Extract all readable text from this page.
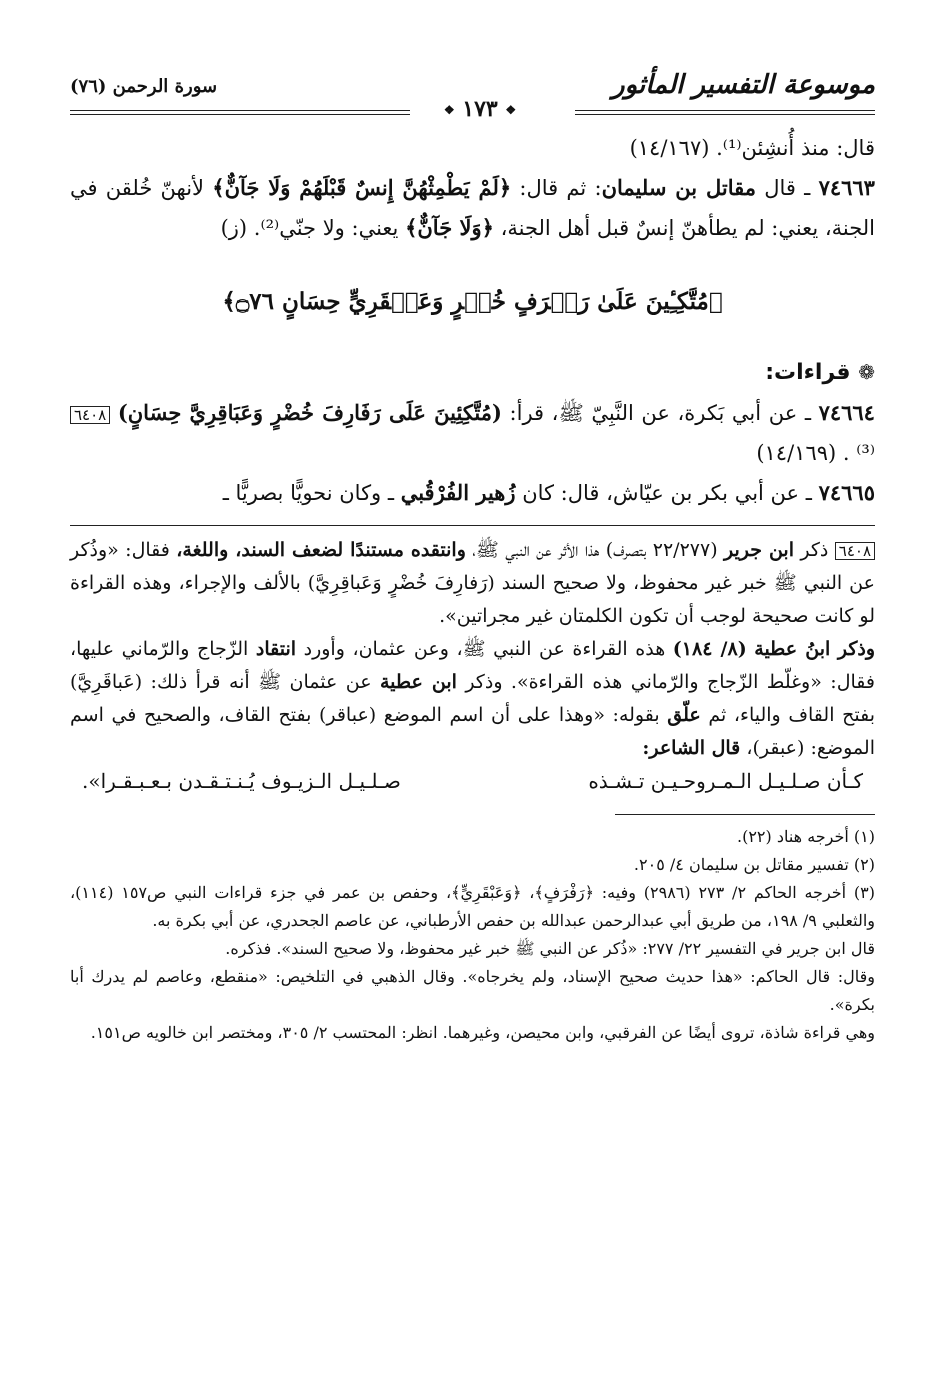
موسوعة التفسير المأثور
سورة الرحمن (٧٦)
❖ ١٧٣ ❖

قال: منذ أُنشِئن⁽¹⁾. (١٤/١٦٧)

٧٤٦٦٣ ـ قال مقاتل بن سليمان: ثم قال: ﴿لَمْ يَطْمِثْهُنَّ إِنسٌ قَبْلَهُمْ وَلَا جَآنٌّ﴾ لأنهنّ خُلقن في الجنة، يعني: لم يطأهنّ إنسٌ قبل أهل الجنة، ﴿وَلَا جَآنٌّ﴾ يعني: ولا جنّي⁽²⁾. (ز)

﴿مُتَّكِـِٔينَ عَلَىٰ رَفۡرَفٍ خُضۡرٍ وَعَبۡقَرِيٍّ حِسَانٍ ۝٧٦﴾
❁ قراءات:

٧٤٦٦٤ ـ عن أبي بَكرة، عن النَّبِيّ ﷺ، قرأ: (مُتَّكِئِينَ عَلَى رَفَارِفَ خُضْرٍ وَعَبَاقِرِيَّ حِسَانٍ) ٦٤٠٨⁽³⁾ . (١٤/١٦٩)

٧٤٦٦٥ ـ عن أبي بكر بن عيّاش، قال: كان زُهير الفُرْقُبي ـ وكان نحويًّا بصريًّا ـ

٦٤٠٨ ذكر ابن جرير (٢٢/٢٧٧ بتصرف) هذا الأثر عن النبي ﷺ، وانتقده مستندًا لضعف السند، واللغة، فقال: «وذُكر عن النبي ﷺ خبر غير محفوظ، ولا صحيح السند (رَفارِفَ خُضْرٍ وَعَباقِرِيَّ) بالألف والإجراء، وهذه القراءة لو كانت صحيحة لوجب أن تكون الكلمتان غير مجراتين».

وذكر ابنُ عطية (٨/ ١٨٤) هذه القراءة عن النبي ﷺ، وعن عثمان، وأورد انتقاد الزّجاج والرّماني عليها، فقال: «وغلّط الزّجاج والرّماني هذه القراءة». وذكر ابن عطية عن عثمان ﷺ أنه قرأ ذلك: (عَباقَرِيَّ) بفتح القاف والياء، ثم علّق بقوله: «وهذا على أن اسم الموضع (عباقر) بفتح القاف، والصحيح في اسم الموضع: (عبقر)، قال الشاعر:

كـأن صـلـيـل الـمـروحـيـن تـشـذه
صـلـيـل الـزيـوف يُـنـتـقـدن بـعـبـقـرا».

(١) أخرجه هناد (٢٢).

(٢) تفسير مقاتل بن سليمان ٤/ ٢٠٥.

(٣) أخرجه الحاكم ٢/ ٢٧٣ (٢٩٨٦) وفيه: ﴿رَفْرَفٍ﴾، ﴿وَعَبْقَرِيٍّ﴾، وحفص بن عمر في جزء قراءات النبي ص١٥٧ (١١٤)، والثعلبي ٩/ ١٩٨، من طريق أبي عبدالرحمن عبدالله بن حفص الأرطباني، عن عاصم الجحدري، عن أبي بكرة به.

قال ابن جرير في التفسير ٢٢/ ٢٧٧: «ذُكر عن النبي ﷺ خبر غير محفوظ، ولا صحيح السند». فذكره.

وقال: قال الحاكم: «هذا حديث صحيح الإسناد، ولم يخرجاه». وقال الذهبي في التلخيص: «منقطع، وعاصم لم يدرك أبا بكرة».

وهي قراءة شاذة، تروى أيضًا عن الفرقبي، وابن محيصن، وغيرهما. انظر: المحتسب ٢/ ٣٠٥، ومختصر ابن خالويه ص١٥١.
